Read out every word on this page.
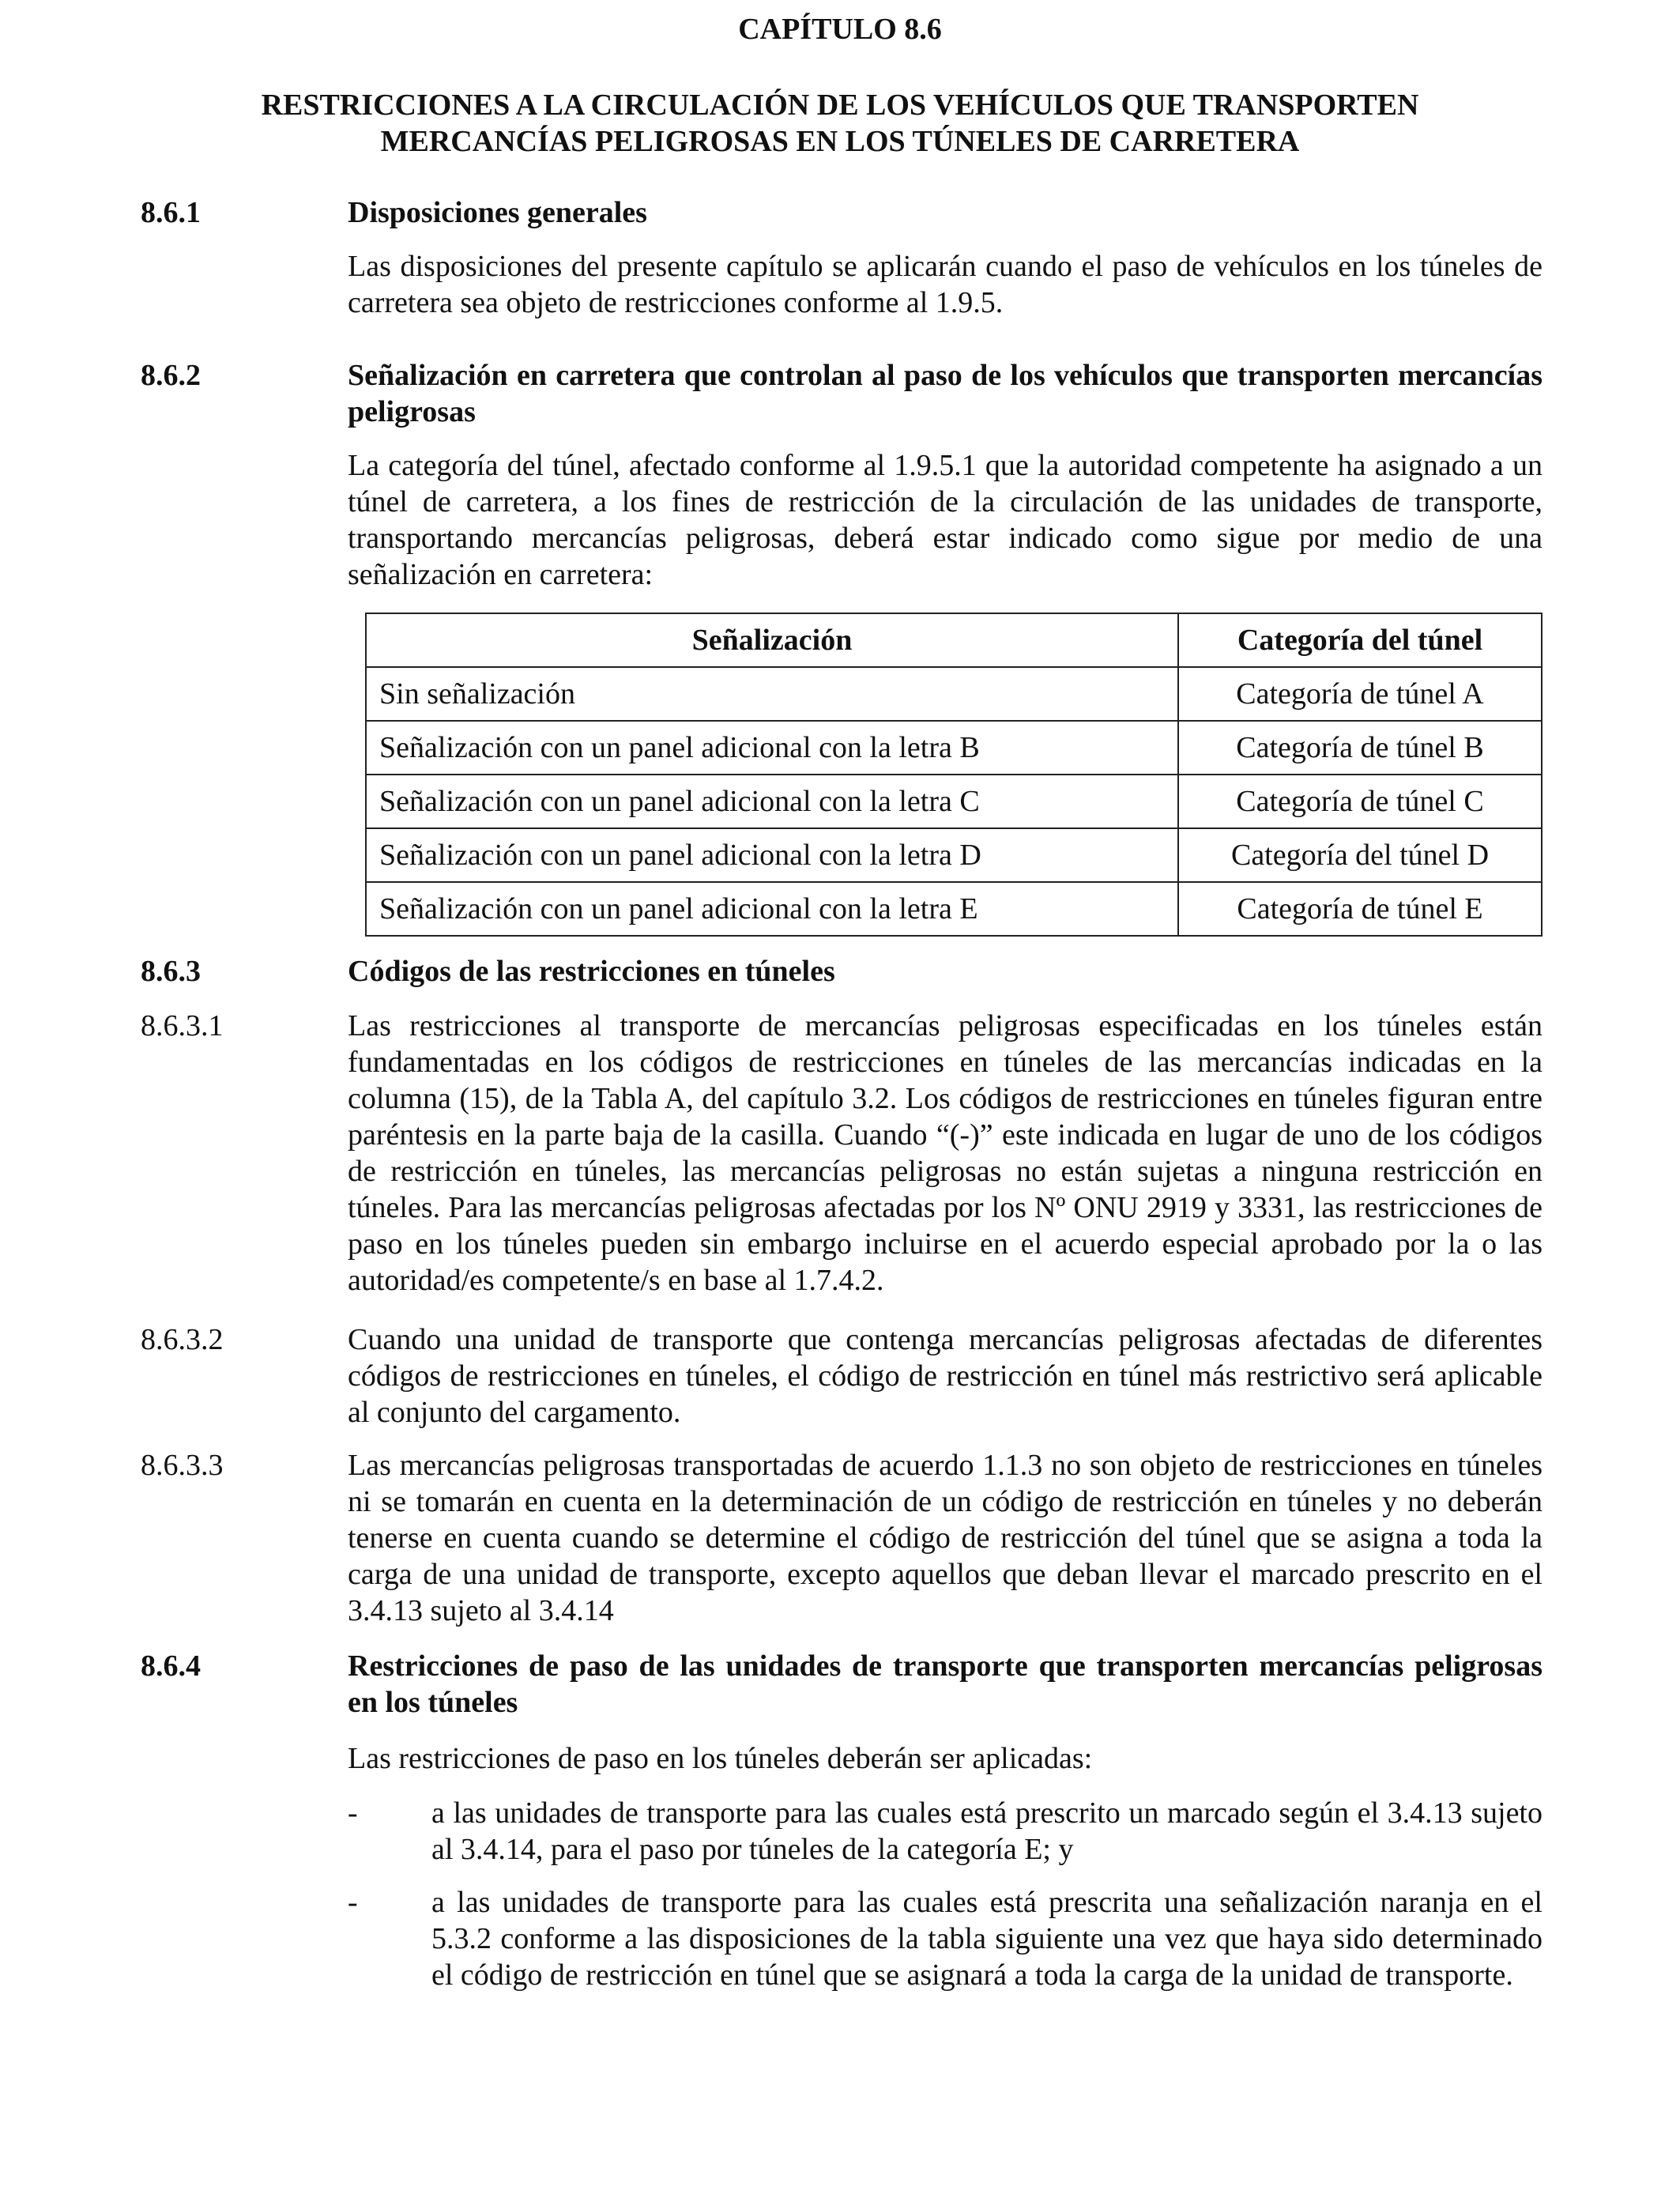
CAPÍTULO 8.6
RESTRICCIONES A LA CIRCULACIÓN DE LOS VEHÍCULOS QUE TRANSPORTEN
MERCANCÍAS PELIGROSAS EN LOS TÚNELES DE CARRETERA
8.6.1	Disposiciones generales
Las disposiciones del presente capítulo se aplicarán cuando el paso de vehículos en los túneles de carretera sea objeto de restricciones conforme al 1.9.5.
8.6.2	Señalización en carretera que controlan al paso de los vehículos que transporten mercancías peligrosas
La categoría del túnel, afectado conforme al 1.9.5.1 que la autoridad competente ha asignado a un túnel de carretera, a los fines de restricción de la circulación de las unidades de transporte, transportando mercancías peligrosas, deberá estar indicado como sigue por medio de una señalización en carretera:
Señalización	Categoría del túnel
Sin señalización	Categoría de túnel A
Señalización con un panel adicional con la letra B	Categoría de túnel B
Señalización con un panel adicional con la letra C	Categoría de túnel C
Señalización con un panel adicional con la letra D	Categoría del túnel D
Señalización con un panel adicional con la letra E	Categoría de túnel E
8.6.3	Códigos de las restricciones en túneles
8.6.3.1	Las restricciones al transporte de mercancías peligrosas especificadas en los túneles están fundamentadas en los códigos de restricciones en túneles de las mercancías indicadas en la columna (15), de la Tabla A, del capítulo 3.2. Los códigos de restricciones en túneles figuran entre paréntesis en la parte baja de la casilla. Cuando “(-)” este indicada en lugar de uno de los códigos de restricción en túneles, las mercancías peligrosas no están sujetas a ninguna restricción en túneles. Para las mercancías peligrosas afectadas por los Nº ONU 2919 y 3331, las restricciones de paso en los túneles pueden sin embargo incluirse en el acuerdo especial aprobado por la o las autoridad/es competente/s en base al 1.7.4.2.
8.6.3.2	Cuando una unidad de transporte que contenga mercancías peligrosas afectadas de diferentes códigos de restricciones en túneles, el código de restricción en túnel más restrictivo será aplicable al conjunto del cargamento.
8.6.3.3	Las mercancías peligrosas transportadas de acuerdo 1.1.3 no son objeto de restricciones en túneles ni se tomarán en cuenta en la determinación de un código de restricción en túneles y no deberán tenerse en cuenta cuando se determine el código de restricción del túnel que se asigna a toda la carga de una unidad de transporte, excepto aquellos que deban llevar el marcado prescrito en el 3.4.13 sujeto al 3.4.14
8.6.4	Restricciones de paso de las unidades de transporte que transporten mercancías peligrosas en los túneles
Las restricciones de paso en los túneles deberán ser aplicadas:
- a las unidades de transporte para las cuales está prescrito un marcado según el 3.4.13 sujeto al 3.4.14, para el paso por túneles de la categoría E; y
- a las unidades de transporte para las cuales está prescrita una señalización naranja en el 5.3.2 conforme a las disposiciones de la tabla siguiente una vez que haya sido determinado el código de restricción en túnel que se asignará a toda la carga de la unidad de transporte.
